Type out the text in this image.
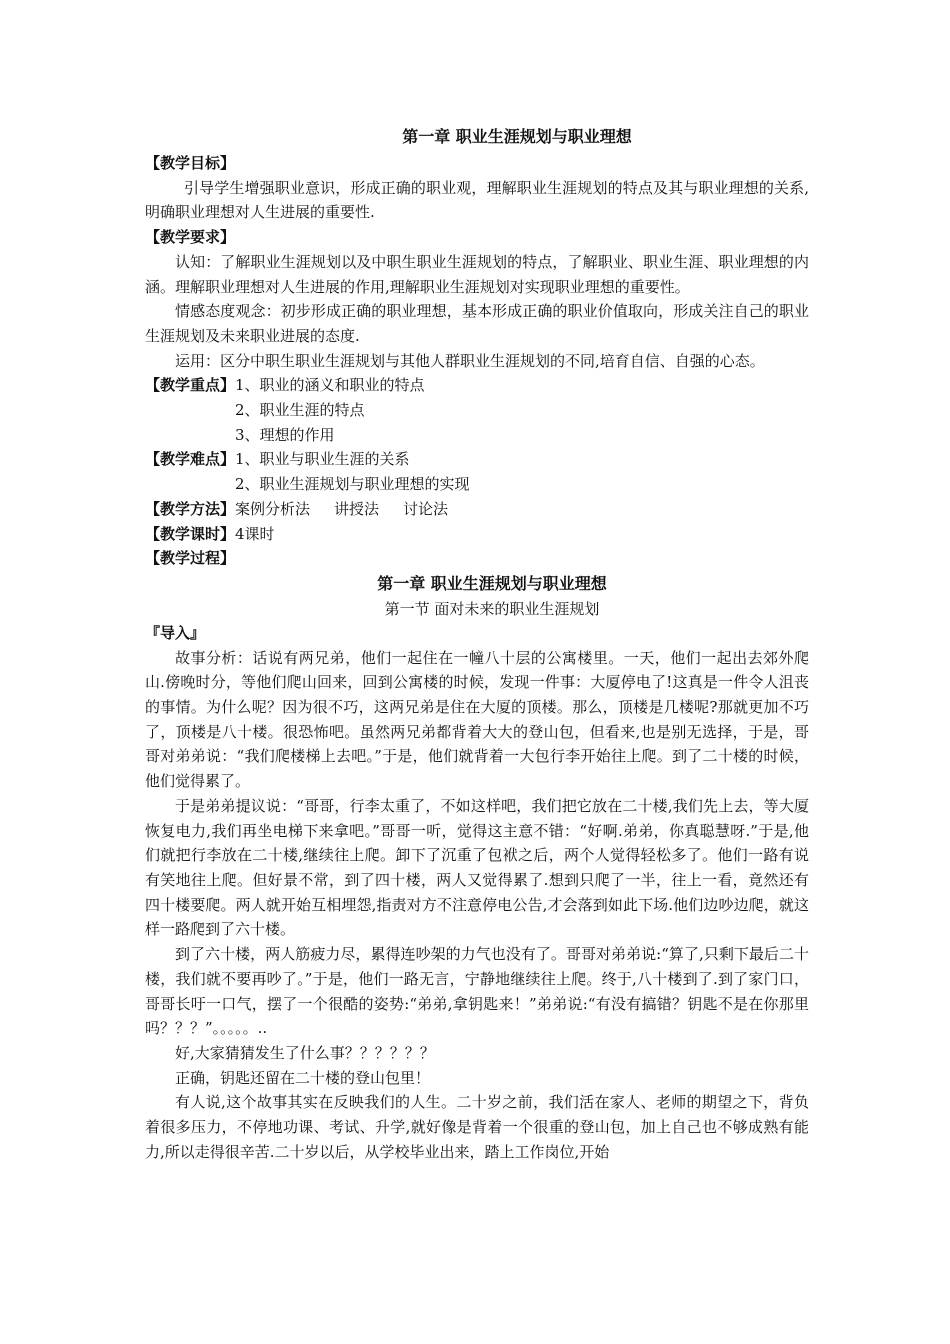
第一章 职业生涯规划与职业理想
【教学目标】

引导学生增强职业意识，形成正确的职业观，理解职业生涯规划的特点及其与职业理想的关系,明确职业理想对人生进展的重要性.

【教学要求】

认知：了解职业生涯规划以及中职生职业生涯规划的特点，了解职业、职业生涯、职业理想的内涵。理解职业理想对人生进展的作用,理解职业生涯规划对实现职业理想的重要性。

情感态度观念：初步形成正确的职业理想，基本形成正确的职业价值取向，形成关注自己的职业生涯规划及未来职业进展的态度.

运用：区分中职生职业生涯规划与其他人群职业生涯规划的不同,培育自信、自强的心态。

【教学重点】1、职业的涵义和职业的特点
2、职业生涯的特点
3、理想的作用
【教学难点】1、职业与职业生涯的关系
2、职业生涯规划与职业理想的实现
【教学方法】案例分析法 讲授法 讨论法
【教学课时】4课时
【教学过程】
第一章 职业生涯规划与职业理想
第一节 面对未来的职业生涯规划
『导入』

故事分析：话说有两兄弟，他们一起住在一幢八十层的公寓楼里。一天，他们一起出去郊外爬山.傍晚时分，等他们爬山回来，回到公寓楼的时候，发现一件事：大厦停电了!这真是一件令人沮丧的事情。为什么呢？因为很不巧，这两兄弟是住在大厦的顶楼。那么，顶楼是几楼呢?那就更加不巧了，顶楼是八十楼。很恐怖吧。虽然两兄弟都背着大大的登山包，但看来,也是别无选择，于是，哥哥对弟弟说：“我们爬楼梯上去吧。”于是，他们就背着一大包行李开始往上爬。到了二十楼的时候，他们觉得累了。

于是弟弟提议说：“哥哥，行李太重了，不如这样吧，我们把它放在二十楼,我们先上去，等大厦恢复电力,我们再坐电梯下来拿吧。”哥哥一听，觉得这主意不错：“好啊.弟弟，你真聪慧呀.”于是,他们就把行李放在二十楼,继续往上爬。卸下了沉重了包袱之后，两个人觉得轻松多了。他们一路有说有笑地往上爬。但好景不常，到了四十楼，两人又觉得累了.想到只爬了一半，往上一看，竟然还有四十楼要爬。两人就开始互相埋怨,指责对方不注意停电公告,才会落到如此下场.他们边吵边爬，就这样一路爬到了六十楼。

到了六十楼，两人筋疲力尽，累得连吵架的力气也没有了。哥哥对弟弟说:“算了,只剩下最后二十楼，我们就不要再吵了。”于是，他们一路无言，宁静地继续往上爬。终于,八十楼到了.到了家门口，哥哥长吁一口气，摆了一个很酷的姿势:“弟弟,拿钥匙来！”弟弟说:“有没有搞错？钥匙不是在你那里吗？？？”。。。。。..

好,大家猜猜发生了什么事？？？？？？

正确，钥匙还留在二十楼的登山包里！

有人说,这个故事其实在反映我们的人生。二十岁之前，我们活在家人、老师的期望之下，背负着很多压力，不停地功课、考试、升学,就好像是背着一个很重的登山包，加上自己也不够成熟有能力,所以走得很辛苦.二十岁以后，从学校毕业出来，踏上工作岗位,开始
